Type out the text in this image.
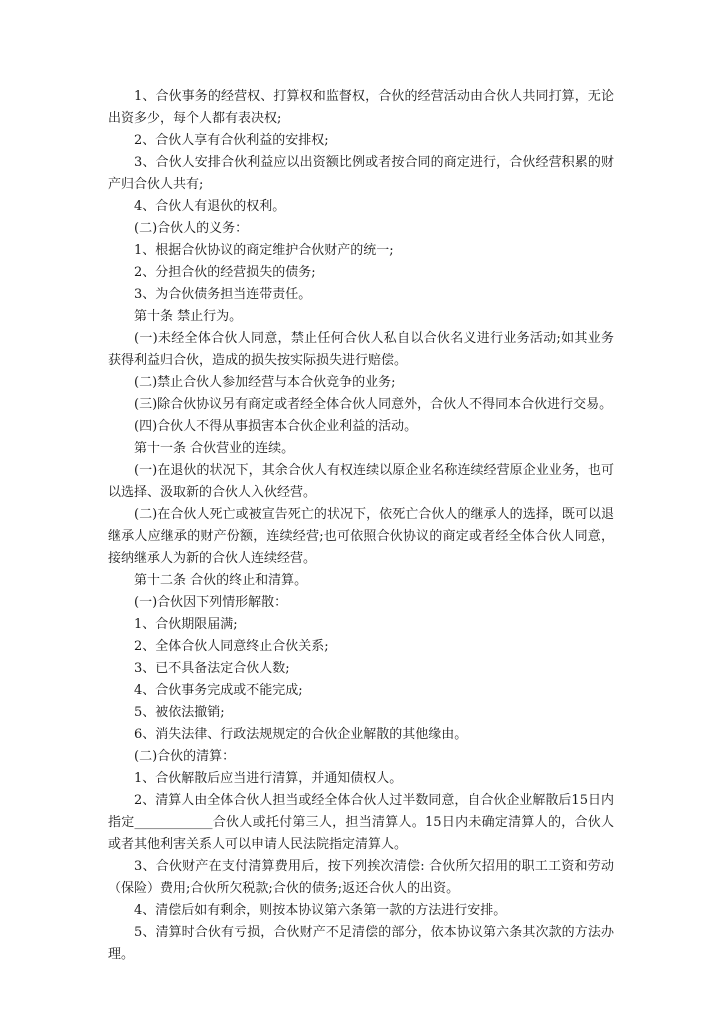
1、合伙事务的经营权、打算权和监督权，合伙的经营活动由合伙人共同打算，无论出资多少，每个人都有表决权;

2、合伙人享有合伙利益的安排权;

3、合伙人安排合伙利益应以出资额比例或者按合同的商定进行，合伙经营积累的财产归合伙人共有;

4、合伙人有退伙的权利。

(二)合伙人的义务：

1、根据合伙协议的商定维护合伙财产的统一;

2、分担合伙的经营损失的债务;

3、为合伙债务担当连带责任。

第十条 禁止行为。

(一)未经全体合伙人同意，禁止任何合伙人私自以合伙名义进行业务活动;如其业务获得利益归合伙，造成的损失按实际损失进行赔偿。

(二)禁止合伙人参加经营与本合伙竞争的业务;

(三)除合伙协议另有商定或者经全体合伙人同意外，合伙人不得同本合伙进行交易。

(四)合伙人不得从事损害本合伙企业利益的活动。

第十一条 合伙营业的连续。

(一)在退伙的状况下，其余合伙人有权连续以原企业名称连续经营原企业业务，也可以选择、汲取新的合伙人入伙经营。

(二)在合伙人死亡或被宣告死亡的状况下，依死亡合伙人的继承人的选择，既可以退继承人应继承的财产份额，连续经营;也可依照合伙协议的商定或者经全体合伙人同意，接纳继承人为新的合伙人连续经营。

第十二条 合伙的终止和清算。

(一)合伙因下列情形解散：

1、合伙期限届满;

2、全体合伙人同意终止合伙关系;

3、已不具备法定合伙人数;

4、合伙事务完成或不能完成;

5、被依法撤销;

6、消失法律、行政法规规定的合伙企业解散的其他缘由。

(二)合伙的清算：

1、合伙解散后应当进行清算，并通知债权人。

2、清算人由全体合伙人担当或经全体合伙人过半数同意，自合伙企业解散后15日内指定____________合伙人或托付第三人，担当清算人。15日内未确定清算人的，合伙人或者其他利害关系人可以申请人民法院指定清算人。

3、合伙财产在支付清算费用后，按下列挨次清偿: 合伙所欠招用的职工工资和劳动（保险）费用;合伙所欠税款;合伙的债务;返还合伙人的出资。

4、清偿后如有剩余，则按本协议第六条第一款的方法进行安排。

5、清算时合伙有亏损，合伙财产不足清偿的部分，依本协议第六条其次款的方法办理。
